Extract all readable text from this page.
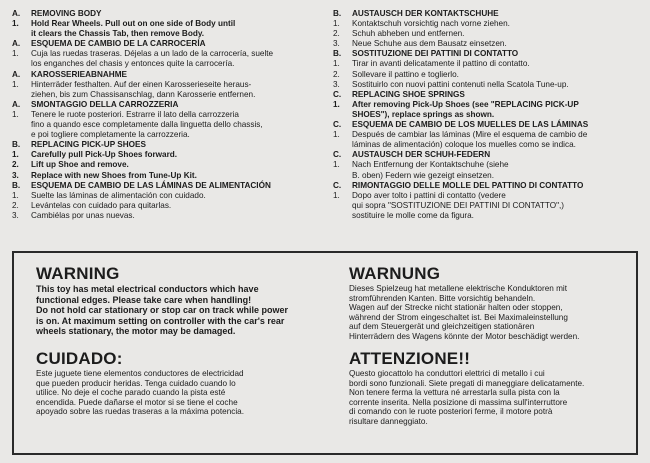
A.	REMOVING BODY
1.	Hold Rear Wheels. Pull out on one side of Body until
it clears the Chassis Tab, then remove Body.
A.	ESQUEMA DE CAMBIO DE LA CARROCERÍA
1.	Cuja las ruedas traseras. Déjelas a un lado de la carrocería, suelte
los enganches del chasis y entonces quite la carrocería.
A.	KAROSSERIEABNAHME
1.	Hinterräder festhalten. Auf der einen Karosserieseite heraus-
ziehen, bis zum Chassisanschlag, dann Karosserie entfernen.
A.	SMONTAGGIO DELLA CARROZZERIA
1.	Tenere le ruote posteriori. Estrarre il lato della carrozzeria
fino a quando esce completamente dalla linguetta dello chassis,
e poi togliere completamente la carrozzeria.
B.	REPLACING PICK-UP SHOES
1.	Carefully pull Pick-Up Shoes forward.
2.	Lift up Shoe and remove.
3.	Replace with new Shoes from Tune-Up Kit.
B.	ESQUEMA DE CAMBIO DE LAS LÁMINAS DE ALIMENTACIÓN
1.	Suelte las láminas de alimentación con cuidado.
2.	Levántelas con cuidado para quitarlas.
3.	Cambiélas por unas nuevas.
B.	AUSTAUSCH DER KONTAKTSCHUHE
1.	Kontaktschuh vorsichtig nach vorne ziehen.
2.	Schuh abheben und entfernen.
3.	Neue Schuhe aus dem Bausatz einsetzen.
B.	SOSTITUZIONE DEI PATTINI DI CONTATTO
1.	Tirar in avanti delicatamente il pattino di contatto.
2.	Sollevare il pattino e toglierlo.
3.	Sostituirlo con nuovi pattini contenuti nella Scatola Tune-up.
C.	REPLACING SHOE SPRINGS
1.	After removing Pick-Up Shoes (see "REPLACING PICK-UP
SHOES"), replace springs as shown.
C.	ESQUEMA DE CAMBIO DE LOS MUELLES DE LAS LÁMINAS
1.	Después de cambiar las láminas (Mire el esquema de cambio de
láminas de alimentación) coloque los muelles como se indica.
C.	AUSTAUSCH DER SCHUH-FEDERN
1.	Nach Entfernung der Kontaktschuhe (siehe
B. oben) Federn wie gezeigt einsetzen.
C.	RIMONTAGGIO DELLE MOLLE DEL PATTINO DI CONTATTO
1.	Dopo aver tolto i pattini di contatto (vedere
qui sopra "SOSTITUZIONE DEI PATTINI DI CONTATTO",)
sostituire le molle come da figura.
WARNING

This toy has metal electrical conductors which have
functional edges. Please take care when handling!
Do not hold car stationary or stop car on track while power
is on. At maximum setting on controller with the car's rear
wheels stationary, the motor may be damaged.

WARNUNG

Dieses Spielzeug hat metallene elektrische Konduktoren mit
stromführenden Kanten. Bitte vorsichtig behandeln.
Wagen auf der Strecke nicht stationär halten oder stoppen,
während der Strom eingeschaltet ist. Bei Maximaleinstellung
auf dem Steuergerät und gleichzeitigen stationären
Hinterrädern des Wagens könnte der Motor beschädigt werden.

CUIDADO:

Este juguete tiene elementos conductores de electricidad
que pueden producir heridas. Tenga cuidado cuando lo
utilice. No deje el coche parado cuando la pista esté
encendida. Puede dañarse el motor si se tiene el coche
apoyado sobre las ruedas traseras a la máxima potencia.

ATTENZIONE!!

Questo giocattolo ha conduttori elettrici di metallo i cui
bordi sono funzionali. Siete pregati di maneggiare delicatamente.
Non tenere ferma la vettura né arrestarla sulla pista con la
corrente inserita. Nella posizione di massima sull'interruttore
di comando con le ruote posteriori ferme, il motore potrà
risultare danneggiato.
